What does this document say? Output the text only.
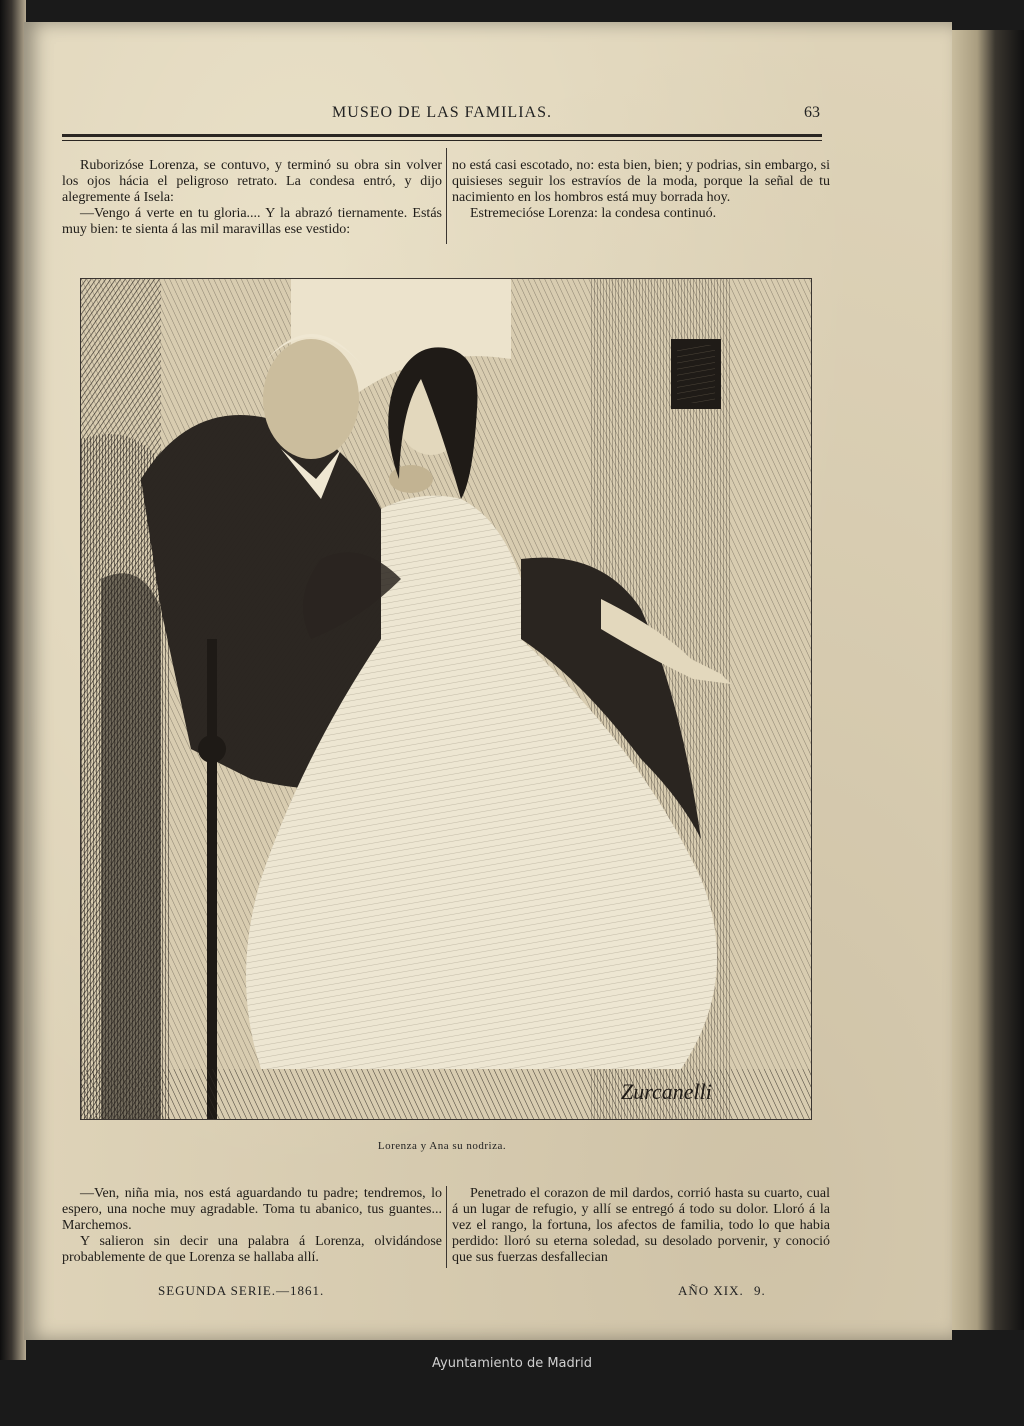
MUSEO DE LAS FAMILIAS.	63

Ruborizóse Lorenza, se contuvo, y terminó su obra sin volver los ojos hácia el peligroso retrato. La condesa entró, y dijo alegremente á Isela:

—Vengo á verte en tu gloria.... Y la abrazó tiernamente. Estás muy bien: te sienta á las mil maravillas ese vestido:

no está casi escotado, no: esta bien, bien; y podrias, sin embargo, si quisieses seguir los estravíos de la moda, porque la señal de tu nacimiento en los hombros está muy borrada hoy.

Estremecióse Lorenza: la condesa continuó.

Zurcanelli
Lorenza y Ana su nodriza.

—Ven, niña mia, nos está aguardando tu padre; tendremos, lo espero, una noche muy agradable. Toma tu abanico, tus guantes... Marchemos.

Y salieron sin decir una palabra á Lorenza, olvidándose probablemente de que Lorenza se hallaba allí.

Penetrado el corazon de mil dardos, corrió hasta su cuarto, cual á un lugar de refugio, y allí se entregó á todo su dolor. Lloró á la vez el rango, la fortuna, los afectos de familia, todo lo que habia perdido: lloró su eterna soledad, su desolado porvenir, y conoció que sus fuerzas desfallecian

SEGUNDA SERIE.—1861.	AÑO XIX. 9.
Ayuntamiento de Madrid
